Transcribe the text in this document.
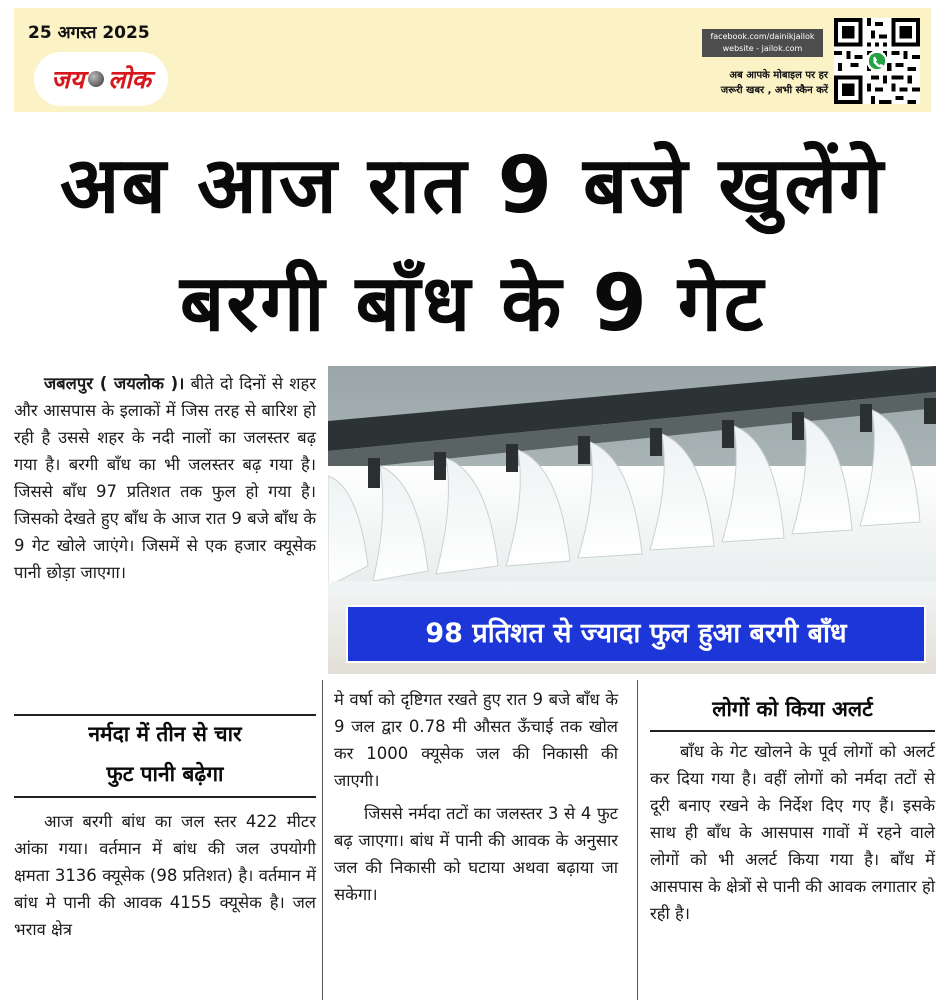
25 अगस्त 2025
जय लोक
facebook.com/dainikjailok
website - jailok.com
अब आपके मोबाइल पर हर
जरूरी खबर , अभी स्कैन करें
अब आज रात 9 बजे खुलेंगे
बरगी बाँध के 9 गेट
98 प्रतिशत से ज्यादा फुल हुआ बरगी बाँध

जबलपुर ( जयलोक )। बीते दो दिनों से शहर और आसपास के इलाकों में जिस तरह से बारिश हो रही है उससे शहर के नदी नालों का जलस्तर बढ़ गया है। बरगी बाँध का भी जलस्तर बढ़ गया है। जिससे बाँध 97 प्रतिशत तक फुल हो गया है। जिसको देखते हुए बाँध के आज रात 9 बजे बाँध के 9 गेट खोले जाएंगे। जिसमें से एक हजार क्यूसेक पानी छोड़ा जाएगा।

नर्मदा में तीन से चार
फुट पानी बढ़ेगा

आज बरगी बांध का जल स्तर 422 मीटर आंका गया। वर्तमान में बांध की जल उपयोगी क्षमता 3136 क्यूसेक (98 प्रतिशत) है। वर्तमान में बांध मे पानी की आवक 4155 क्यूसेक है। जल भराव क्षेत्र

मे वर्षा को दृष्टिगत रखते हुए रात 9 बजे बाँध के 9 जल द्वार 0.78 मी औसत ऊँचाई तक खोल कर 1000 क्यूसेक जल की निकासी की जाएगी।

जिससे नर्मदा तटों का जलस्तर 3 से 4 फुट बढ़ जाएगा। बांध में पानी की आवक के अनुसार जल की निकासी को घटाया अथवा बढ़ाया जा सकेगा।

लोगों को किया अलर्ट

बाँध के गेट खोलने के पूर्व लोगों को अलर्ट कर दिया गया है। वहीं लोगों को नर्मदा तटों से दूरी बनाए रखने के निर्देश दिए गए हैं। इसके साथ ही बाँध के आसपास गावों में रहने वाले लोगों को भी अलर्ट किया गया है। बाँध में आसपास के क्षेत्रों से पानी की आवक लगातार हो रही है।
